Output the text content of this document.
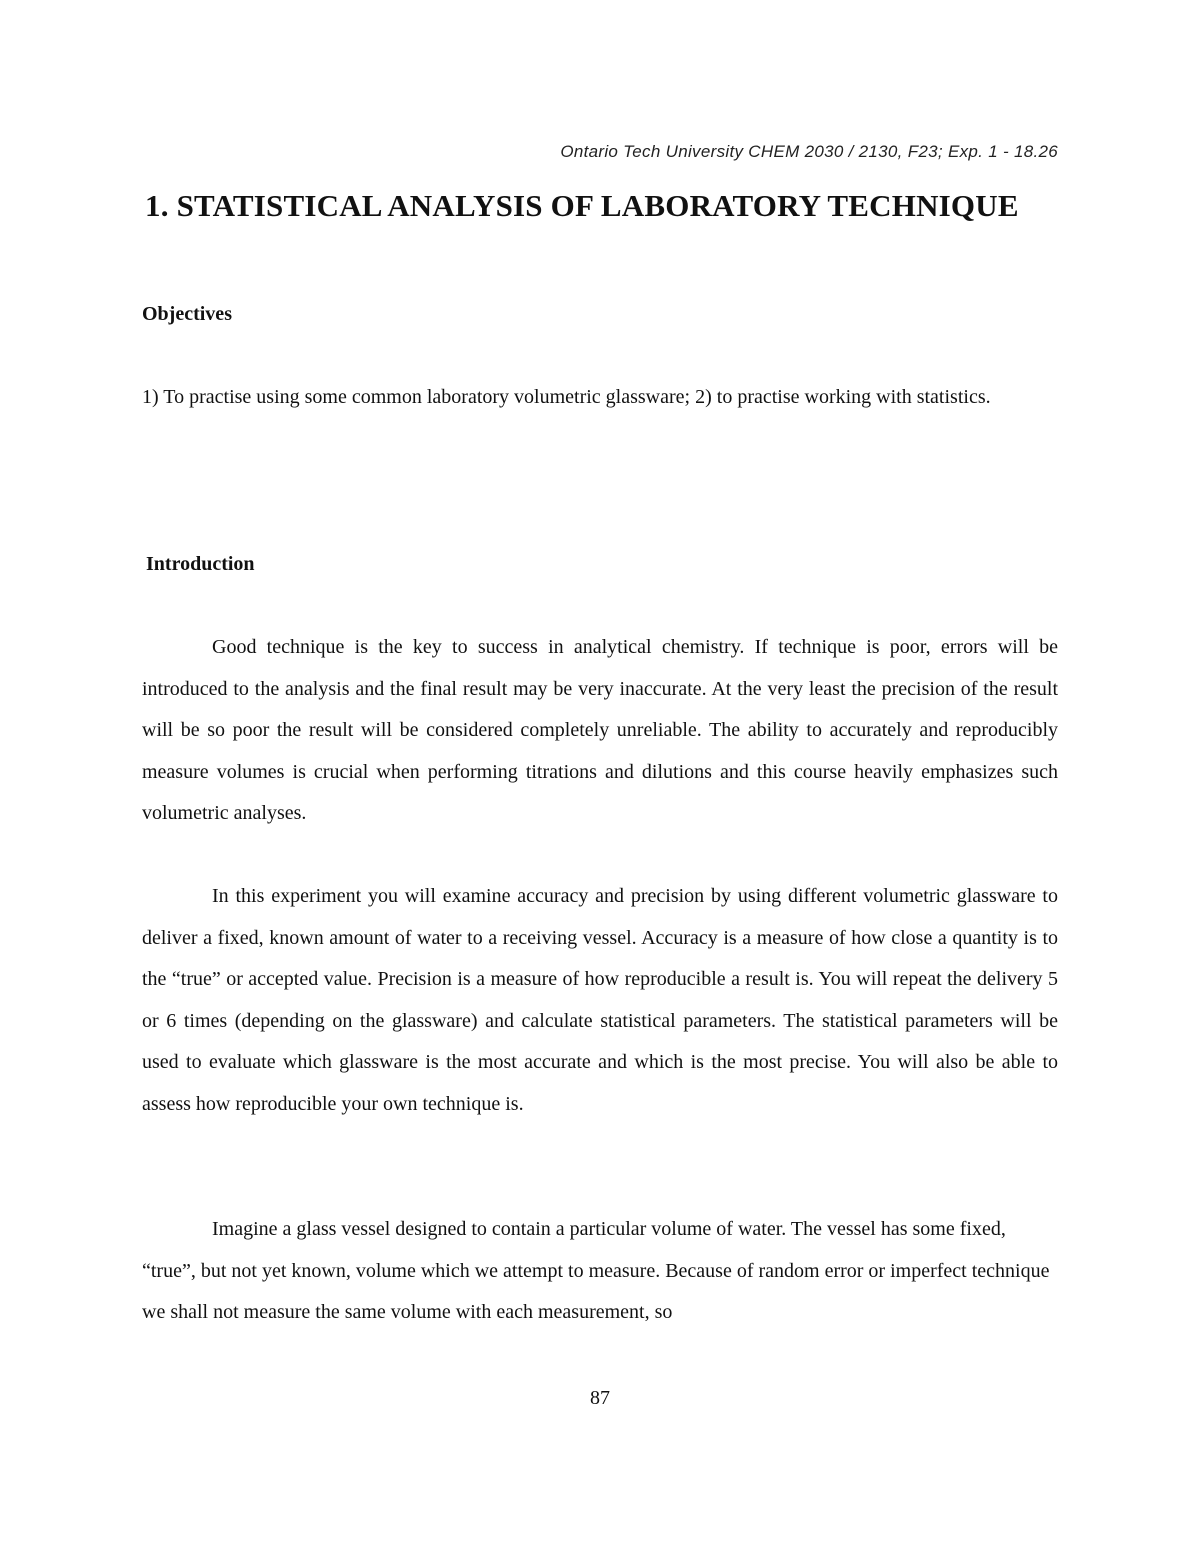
Ontario Tech University CHEM 2030 / 2130, F23; Exp. 1 - 18.26
1. STATISTICAL ANALYSIS OF LABORATORY TECHNIQUE
Objectives
1) To practise using some common laboratory volumetric glassware; 2) to practise working with statistics.
Introduction
Good technique is the key to success in analytical chemistry. If technique is poor, errors will be introduced to the analysis and the final result may be very inaccurate. At the very least the precision of the result will be so poor the result will be considered completely unreliable. The ability to accurately and reproducibly measure volumes is crucial when performing titrations and dilutions and this course heavily emphasizes such volumetric analyses.
In this experiment you will examine accuracy and precision by using different volumetric glassware to deliver a fixed, known amount of water to a receiving vessel. Accuracy is a measure of how close a quantity is to the “true” or accepted value. Precision is a measure of how reproducible a result is. You will repeat the delivery 5 or 6 times (depending on the glassware) and calculate statistical parameters. The statistical parameters will be used to evaluate which glassware is the most accurate and which is the most precise. You will also be able to assess how reproducible your own technique is.
Imagine a glass vessel designed to contain a particular volume of water. The vessel has some fixed, “true”, but not yet known, volume which we attempt to measure. Because of random error or imperfect technique we shall not measure the same volume with each measurement, so
87
